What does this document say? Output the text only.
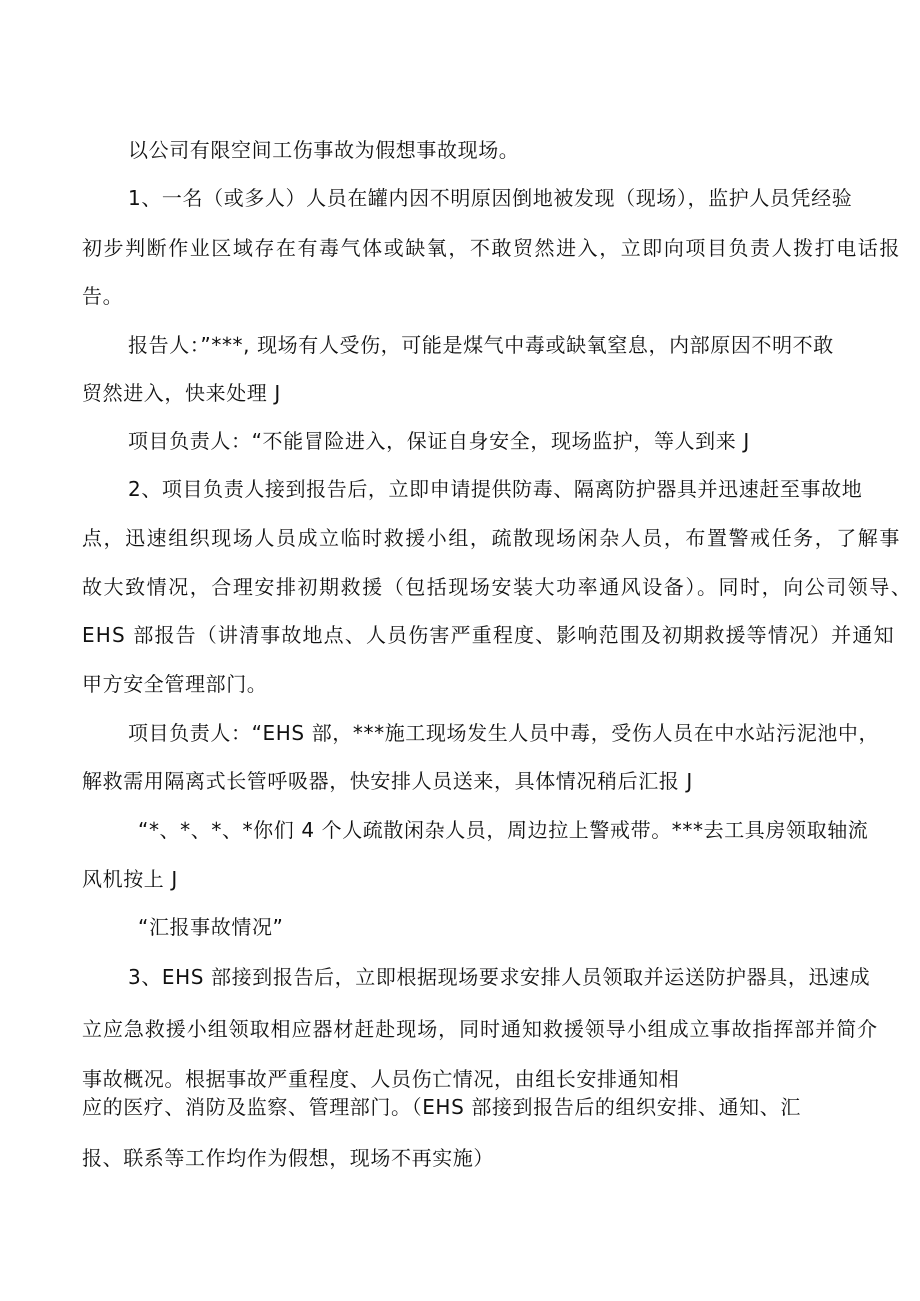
以公司有限空间工伤事故为假想事故现场。
1、一名（或多人）人员在罐内因不明原因倒地被发现（现场），监护人员凭经验
初步判断作业区域存在有毒气体或缺氧，不敢贸然进入，立即向项目负责人拨打电话报
告。
报告人：”***, 现场有人受伤，可能是煤气中毒或缺氧窒息，内部原因不明不敢
贸然进入，快来处理 J
项目负责人：“不能冒险进入，保证自身安全，现场监护，等人到来 J
2、项目负责人接到报告后，立即申请提供防毒、隔离防护器具并迅速赶至事故地
点，迅速组织现场人员成立临时救援小组，疏散现场闲杂人员，布置警戒任务，了解事
故大致情况，合理安排初期救援（包括现场安装大功率通风设备）。同时，向公司领导、
EHS 部报告（讲清事故地点、人员伤害严重程度、影响范围及初期救援等情况）并通知
甲方安全管理部门。
项目负责人：“EHS 部，***施工现场发生人员中毒，受伤人员在中水站污泥池中，
解救需用隔离式长管呼吸器，快安排人员送来，具体情况稍后汇报 J
“*、*、*、*你们 4 个人疏散闲杂人员，周边拉上警戒带。***去工具房领取轴流
风机按上 J
“汇报事故情况”
3、EHS 部接到报告后，立即根据现场要求安排人员领取并运送防护器具，迅速成
立应急救援小组领取相应器材赶赴现场，同时通知救援领导小组成立事故指挥部并简介
事故概况。根据事故严重程度、人员伤亡情况，由组长安排通知相
应的医疗、消防及监察、管理部门。（EHS 部接到报告后的组织安排、通知、汇
报、联系等工作均作为假想，现场不再实施）
